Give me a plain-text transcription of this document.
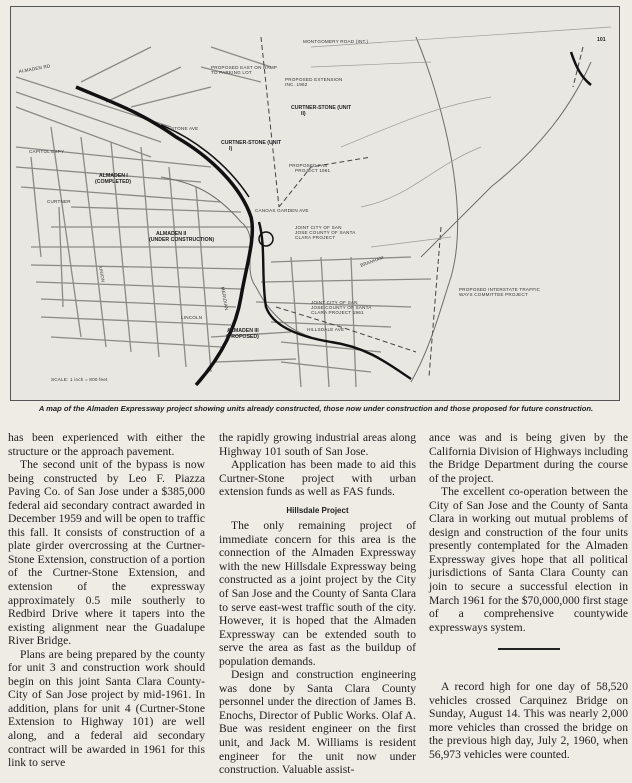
MONTGOMERY ROAD (INT.)
PROPOSED EAST ON RAMP TO PARKING LOT
PROPOSED EXTENSION INC. 1962
CURTNER-STONE (UNIT II)
CURTNER-STONE (UNIT I)
PROPOSED FAS PROJECT 1961
ALMADEN I (COMPLETED)
ALMADEN II (UNDER CONSTRUCTION)
ALMADEN III (PROPOSED)
JOINT CITY OF SAN JOSE COUNTY OF SANTA CLARA PROJECT
JOINT CITY OF SAN JOSE COUNTY OF SANTA CLARA PROJECT 1961
PROPOSED INTERSTATE TRAFFIC WAYS COMMITTEE PROJECT
SCALE: 1 inch = 800 feet
ALMADEN RD
STONE AVE
CANOAS GARDEN AVE
HILLSDALE AVE
CAPITOL EXPY
LINCOLN
CURTNER
UNION
MERIDIAN
BRANHAM
101
A map of the Almaden Expressway project showing units already constructed, those now under construction and those proposed for future construction.

has been experienced with either the structure or the approach pavement.

The second unit of the bypass is now being constructed by Leo F. Piazza Paving Co. of San Jose under a $385,000 federal aid secondary contract awarded in December 1959 and will be open to traffic this fall. It consists of construction of a plate girder overcrossing at the Curtner-Stone Extension, construction of a portion of the Curtner-Stone Extension, and extension of the expressway approximately 0.5 mile southerly to Redbird Drive where it tapers into the existing alignment near the Guadalupe River Bridge.

Plans are being prepared by the county for unit 3 and construction work should begin on this joint Santa Clara County-City of San Jose project by mid-1961. In addition, plans for unit 4 (Curtner-Stone Extension to Highway 101) are well along, and a federal aid secondary contract will be awarded in 1961 for this link to serve

the rapidly growing industrial areas along Highway 101 south of San Jose.

Application has been made to aid this Curtner-Stone project with urban extension funds as well as FAS funds.

Hillsdale Project

The only remaining project of immediate concern for this area is the connection of the Almaden Expressway with the new Hillsdale Expressway being constructed as a joint project by the City of San Jose and the County of Santa Clara to serve east-west traffic south of the city. However, it is hoped that the Almaden Expressway can be extended south to serve the area as fast as the buildup of population demands.

Design and construction engineering was done by Santa Clara County personnel under the direction of James B. Enochs, Director of Public Works. Olaf A. Bue was resident engineer on the first unit, and Jack M. Williams is resident engineer for the unit now under construction. Valuable assist-

ance was and is being given by the California Division of Highways including the Bridge Department during the course of the project.

The excellent co-operation between the City of San Jose and the County of Santa Clara in working out mutual problems of design and construction of the four units presently contemplated for the Almaden Expressway gives hope that all political jurisdictions of Santa Clara County can join to secure a successful election in March 1961 for the $70,000,000 first stage of a comprehensive countywide expressways system.

A record high for one day of 58,520 vehicles crossed Carquinez Bridge on Sunday, August 14. This was nearly 2,000 more vehicles than crossed the bridge on the previous high day, July 2, 1960, when 56,973 vehicles were counted.
